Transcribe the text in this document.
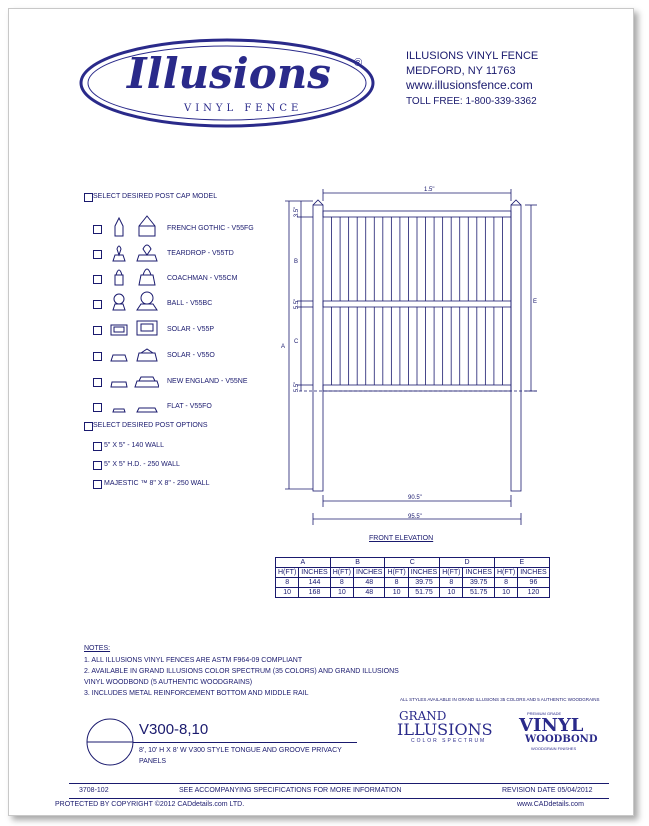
Illusions ®
VINYL FENCE
ILLUSIONS VINYL FENCE
MEDFORD, NY 11763
www.illusionsfence.com
TOLL FREE: 1-800-339-3362
SELECT DESIRED POST CAP MODEL
FRENCH GOTHIC - V55FG
TEARDROP - V55TD
COACHMAN - V55CM
BALL - V55BC
SOLAR - V55P
SOLAR - V55O
NEW ENGLAND - V55NE
FLAT - V55FO
SELECT DESIRED POST OPTIONS
5" X 5" - 140 WALL
5" X 5" H.D. - 250 WALL
MAJESTIC ™ 8" X 8" - 250 WALL
1.5"
3.5"
B
5.5"
C
5.5"
A
E
90.5"
95.5"
FRONT ELEVATION
	A		B		C		D		E	
	H(FT)	INCHES	H(FT)	INCHES	H(FT)	INCHES	H(FT)	INCHES	H(FT)	INCHES
	8	144	8	48	8	39.75	8	39.75	8	96
	10	168	10	48	10	51.75	10	51.75	10	120
NOTES:
1. ALL ILLUSIONS VINYL FENCES ARE ASTM F964-09 COMPLIANT
2. AVAILABLE IN GRAND ILLUSIONS COLOR SPECTRUM (35 COLORS) AND GRAND ILLUSIONS
VINYL WOODBOND (5 AUTHENTIC WOODGRAINS)
3. INCLUDES METAL REINFORCEMENT BOTTOM AND MIDDLE RAIL
ALL STYLES AVAILABLE IN GRAND ILLUSIONS 35 COLORS AND 5 AUTHENTIC WOODGRAINS
V300-8,10
8', 10' H X 8' W V300 STYLE TONGUE AND GROOVE PRIVACY
PANELS
GRAND
ILLUSIONS
COLOR SPECTRUM
PREMIUM GRADE
VINYL
WOODBOND
WOODGRAIN FINISHES
3708-102	SEE ACCOMPANYING SPECIFICATIONS FOR MORE INFORMATION	REVISION DATE 05/04/2012
PROTECTED BY COPYRIGHT ©2012 CADdetails.com LTD.	www.CADdetails.com
